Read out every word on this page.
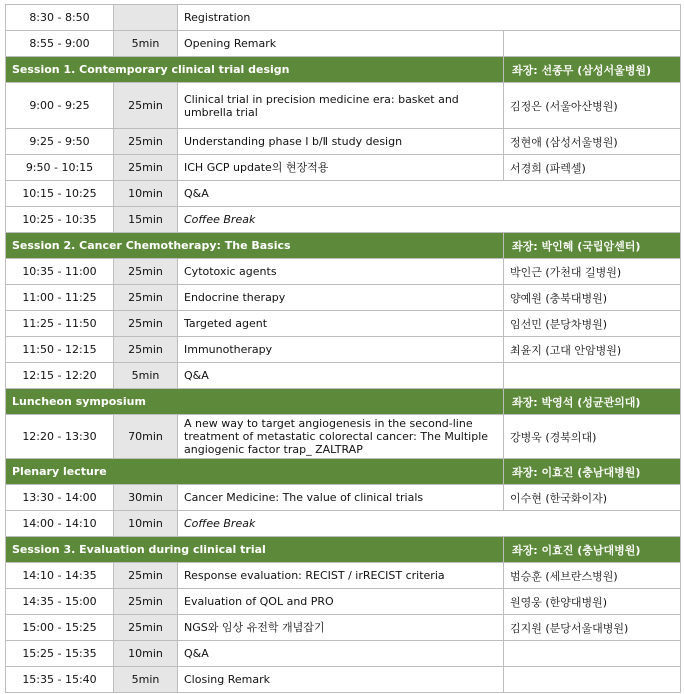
8:30 - 8:50		Registration	
8:55 - 9:00	5min	Opening Remark	
Session 1. Contemporary clinical trial design			좌장: 선종무 (삼성서울병원)
9:00 - 9:25	25min	Clinical trial in precision medicine era: basket and umbrella trial	김정은 (서울아산병원)
9:25 - 9:50	25min	Understanding phase Ⅰ b/Ⅱ study design	정현애 (삼성서울병원)
9:50 - 10:15	25min	ICH GCP update의 현장적용	서경희 (파렉셀)
10:15 - 10:25	10min	Q&A	
10:25 - 10:35	15min	Coffee Break	
Session 2. Cancer Chemotherapy: The Basics			좌장: 박인혜 (국립암센터)
10:35 - 11:00	25min	Cytotoxic agents	박인근 (가천대 길병원)
11:00 - 11:25	25min	Endocrine therapy	양예원 (충북대병원)
11:25 - 11:50	25min	Targeted agent	임선민 (분당차병원)
11:50 - 12:15	25min	Immunotherapy	최윤지 (고대 안암병원)
12:15 - 12:20	5min	Q&A	
Luncheon symposium			좌장: 박영석 (성균관의대)
12:20 - 13:30	70min	A new way to target angiogenesis in the second-line treatment of metastatic colorectal cancer: The Multiple angiogenic factor trap_ ZALTRAP	강병욱 (경북의대)
Plenary lecture			좌장: 이효진 (충남대병원)
13:30 - 14:00	30min	Cancer Medicine: The value of clinical trials	이수현 (한국화이자)
14:00 - 14:10	10min	Coffee Break	
Session 3. Evaluation during clinical trial			좌장: 이효진 (충남대병원)
14:10 - 14:35	25min	Response evaluation: RECIST / irRECIST criteria	범승훈 (세브란스병원)
14:35 - 15:00	25min	Evaluation of QOL and PRO	원영웅 (한양대병원)
15:00 - 15:25	25min	NGS와 임상 유전학 개념잡기	김지원 (분당서울대병원)
15:25 - 15:35	10min	Q&A	
15:35 - 15:40	5min	Closing Remark	
